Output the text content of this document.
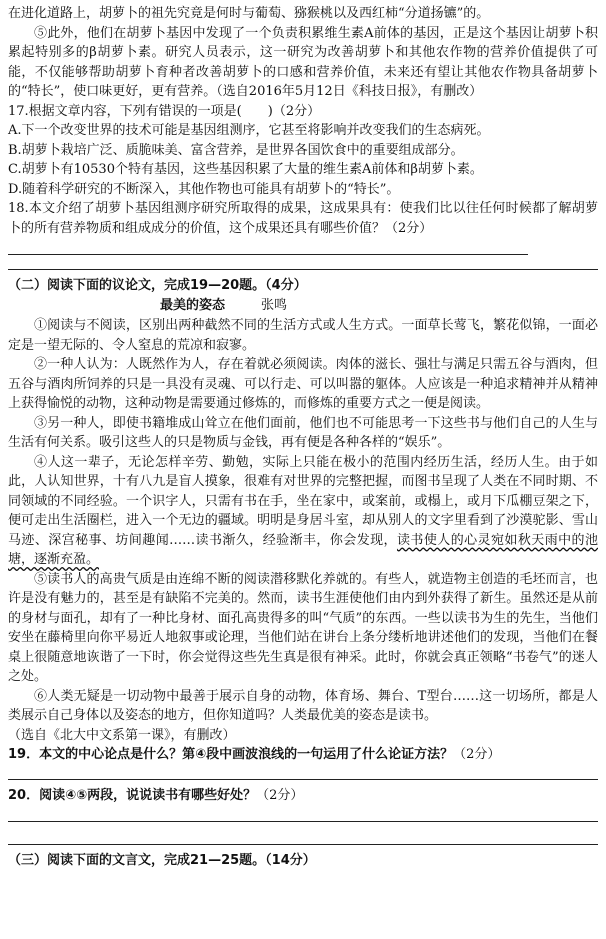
在进化道路上，胡萝卜的祖先究竟是何时与葡萄、猕猴桃以及西红柿“分道扬镳”的。

⑤此外，他们在胡萝卜基因中发现了一个负责积累维生素A前体的基因，正是这个基因让胡萝卜积累起特别多的β胡萝卜素。研究人员表示，这一研究为改善胡萝卜和其他农作物的营养价值提供了可能，不仅能够帮助胡萝卜育种者改善胡萝卜的口感和营养价值，未来还有望让其他农作物具备胡萝卜的“特长”，使口味更好，更有营养。（选自2016年5月12日《科技日报》，有删改）

17.根据文章内容，下列有错误的一项是(　　)（2分）

A.下一个改变世界的技术可能是基因组测序，它甚至将影响并改变我们的生态病死。

B.胡萝卜栽培广泛、质脆味美、富含营养，是世界各国饮食中的重要组成部分。

C.胡萝卜有10530个特有基因，这些基因积累了大量的维生素A前体和β胡萝卜素。

D.随着科学研究的不断深入，其他作物也可能具有胡萝卜的“特长”。

18.本文介绍了胡萝卜基因组测序研究所取得的成果，这成果具有：使我们比以往任何时候都了解胡萝卜的所有营养物质和组成成分的价值，这个成果还具有哪些价值？（2分）

（二）阅读下面的议论文，完成19—20题。（4分）

最美的姿态	张鸣

①阅读与不阅读，区别出两种截然不同的生活方式或人生方式。一面草长莺飞，繁花似锦，一面必定是一望无际的、令人窒息的荒凉和寂寥。

②一种人认为：人既然作为人，存在着就必须阅读。肉体的滋长、强壮与满足只需五谷与酒肉，但五谷与酒肉所饲养的只是一具没有灵魂、可以行走、可以叫嚣的躯体。人应该是一种追求精神并从精神上获得愉悦的动物，这种动物是需要通过修炼的，而修炼的重要方式之一便是阅读。

③另一种人，即使书籍堆成山耸立在他们面前，他们也不可能思考一下这些书与他们自己的人生与生活有何关系。吸引这些人的只是物质与金钱，再有便是各种各样的“娱乐”。

④人这一辈子，无论怎样辛劳、勤勉，实际上只能在极小的范围内经历生活，经历人生。由于如此，人认知世界，十有八九是盲人摸象，很难有对世界的完整把握，而图书呈现了人类在不同时期、不同领域的不同经验。一个识字人，只需有书在手，坐在家中，或案前，或榻上，或月下瓜棚豆架之下，便可走出生活圈栏，进入一个无边的疆域。明明是身居斗室，却从别人的文字里看到了沙漠驼影、雪山马迹、深宫秘事、坊间趣闻……读书渐久，经验渐丰，你会发现，读书使人的心灵宛如秋天雨中的池塘，逐渐充盈。

⑤读书人的高贵气质是由连绵不断的阅读潜移默化养就的。有些人，就造物主创造的毛坯而言，也许是没有魅力的，甚至是有缺陷不完美的。然而，读书生涯使他们由内到外获得了新生。虽然还是从前的身材与面孔，却有了一种比身材、面孔高贵得多的叫“气质”的东西。一些以读书为生的先生，当他们安坐在藤椅里向你平易近人地叙事或论理，当他们站在讲台上条分缕析地讲述他们的发现，当他们在餐桌上很随意地诙谐了一下时，你会觉得这些先生真是很有神采。此时，你就会真正领略“书卷气”的迷人之处。

⑥人类无疑是一切动物中最善于展示自身的动物，体育场、舞台、T型台……这一切场所，都是人类展示自己身体以及姿态的地方，但你知道吗？人类最优美的姿态是读书。

（选自《北大中文系第一课》，有删改）

19．本文的中心论点是什么？第④段中画波浪线的一句运用了什么论证方法？（2分）

20．阅读④⑤两段，说说读书有哪些好处？（2分）

（三）阅读下面的文言文，完成21—25题。（14分）
